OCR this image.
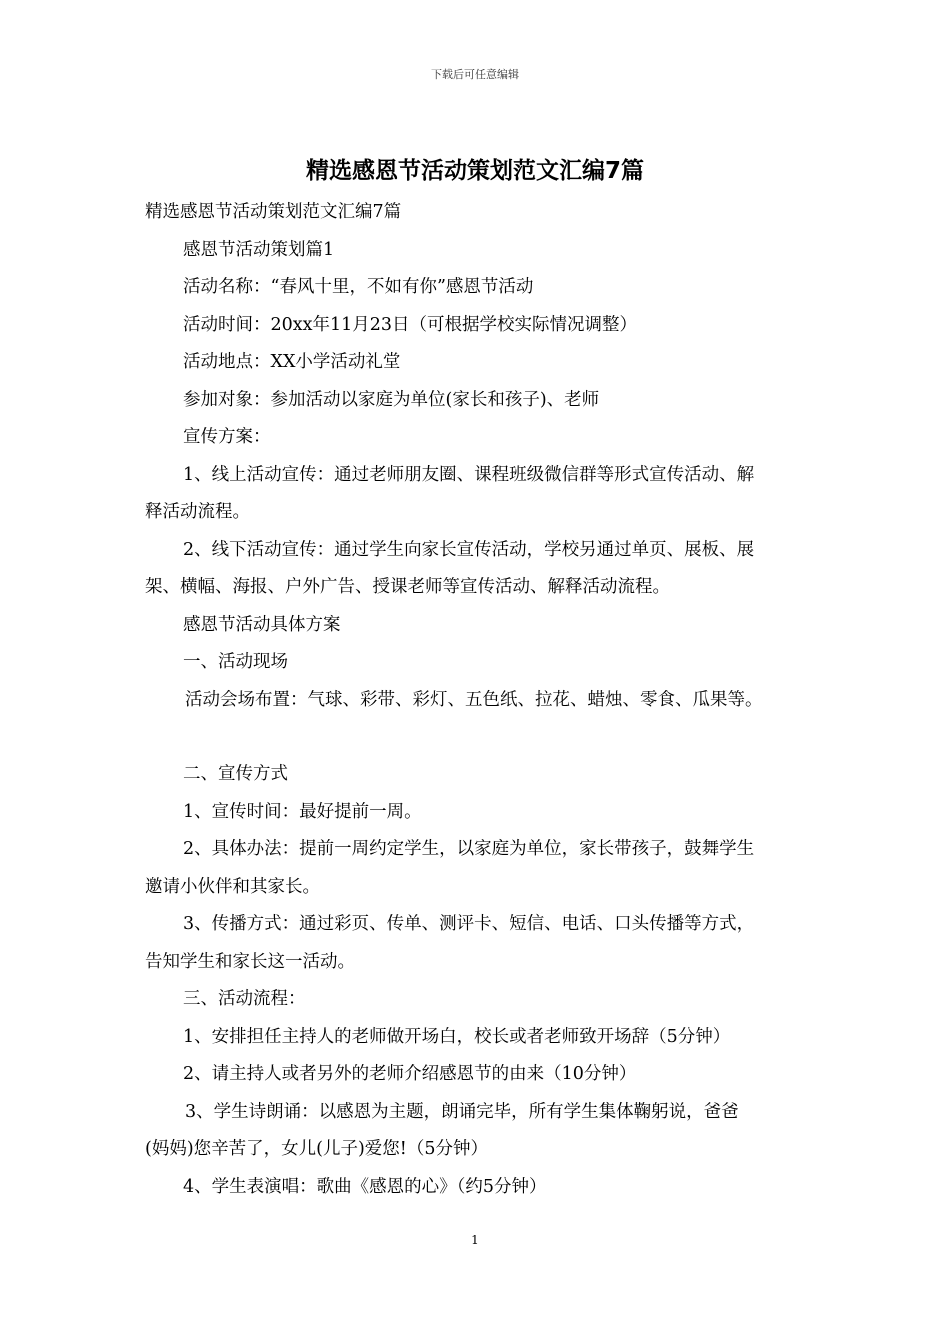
下载后可任意编辑
精选感恩节活动策划范文汇编7篇

精选感恩节活动策划范文汇编7篇

感恩节活动策划篇1

活动名称：“春风十里，不如有你”感恩节活动

活动时间：20xx年11月23日（可根据学校实际情况调整）

活动地点：XX小学活动礼堂

参加对象：参加活动以家庭为单位(家长和孩子)、老师

宣传方案：

1、线上活动宣传：通过老师朋友圈、课程班级微信群等形式宣传活动、解

释活动流程。

2、线下活动宣传：通过学生向家长宣传活动，学校另通过单页、展板、展

架、横幅、海报、户外广告、授课老师等宣传活动、解释活动流程。

感恩节活动具体方案

一、活动现场

活动会场布置：气球、彩带、彩灯、五色纸、拉花、蜡烛、零食、瓜果等。

二、宣传方式

1、宣传时间：最好提前一周。

2、具体办法：提前一周约定学生，以家庭为单位，家长带孩子，鼓舞学生

邀请小伙伴和其家长。

3、传播方式：通过彩页、传单、测评卡、短信、电话、口头传播等方式，

告知学生和家长这一活动。

三、活动流程：

1、安排担任主持人的老师做开场白，校长或者老师致开场辞（5分钟）

2、请主持人或者另外的老师介绍感恩节的由来（10分钟）

3、学生诗朗诵：以感恩为主题，朗诵完毕，所有学生集体鞠躬说，爸爸

(妈妈)您辛苦了，女儿(儿子)爱您!（5分钟）

4、学生表演唱：歌曲《感恩的心》（约5分钟）

1
